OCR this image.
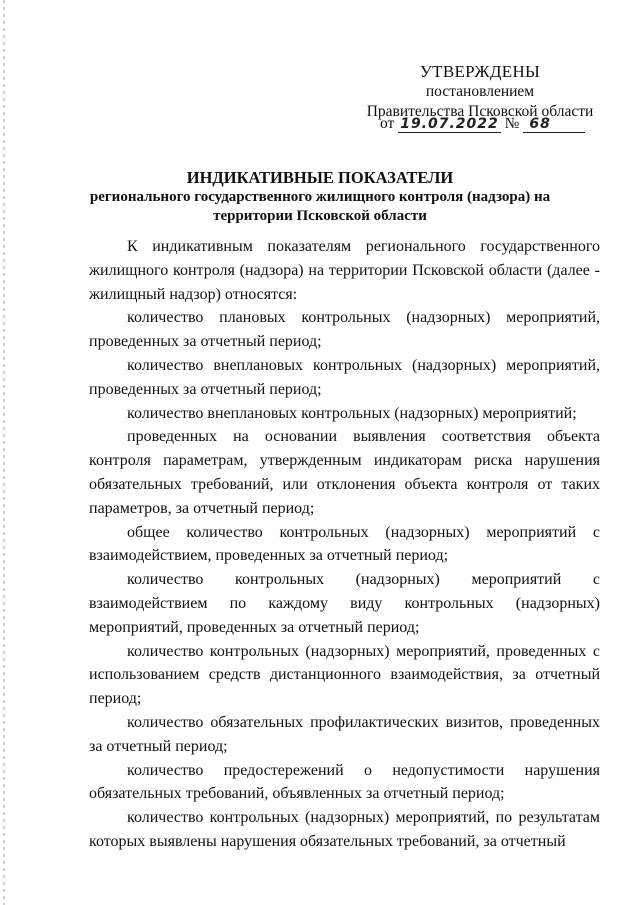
УТВЕРЖДЕНЫ
постановлением
Правительства Псковской области
от 19.07.2022 № 68
ИНДИКАТИВНЫЕ ПОКАЗАТЕЛИ
регионального государственного жилищного контроля (надзора) на территории Псковской области

К индикативным показателям регионального государственного жилищного контроля (надзора) на территории Псковской области (далее - жилищный надзор) относятся:

количество плановых контрольных (надзорных) мероприятий, проведенных за отчетный период;

количество внеплановых контрольных (надзорных) мероприятий, проведенных за отчетный период;

количество внеплановых контрольных (надзорных) мероприятий;

проведенных на основании выявления соответствия объекта контроля параметрам, утвержденным индикаторам риска нарушения обязательных требований, или отклонения объекта контроля от таких параметров, за отчетный период;

общее количество контрольных (надзорных) мероприятий с взаимодействием, проведенных за отчетный период;

количество контрольных (надзорных) мероприятий с взаимодействием по каждому виду контрольных (надзорных) мероприятий, проведенных за отчетный период;

количество контрольных (надзорных) мероприятий, проведенных с использованием средств дистанционного взаимодействия, за отчетный период;

количество обязательных профилактических визитов, проведенных за отчетный период;

количество предостережений о недопустимости нарушения обязательных требований, объявленных за отчетный период;

количество контрольных (надзорных) мероприятий, по результатам которых выявлены нарушения обязательных требований, за отчетный
